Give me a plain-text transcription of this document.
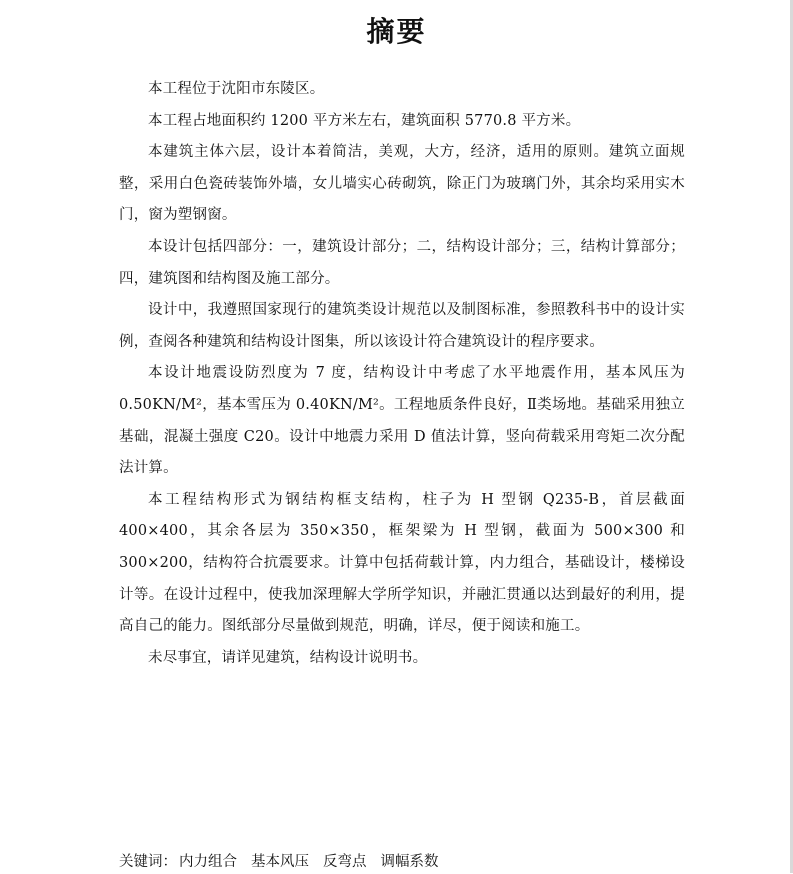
摘要

本工程位于沈阳市东陵区。

本工程占地面积约 1200 平方米左右，建筑面积 5770.8 平方米。

本建筑主体六层，设计本着简洁，美观，大方，经济，适用的原则。建筑立面规整，采用白色瓷砖装饰外墙，女儿墙实心砖砌筑，除正门为玻璃门外，其余均采用实木门，窗为塑钢窗。

本设计包括四部分：一，建筑设计部分；二，结构设计部分；三，结构计算部分；四，建筑图和结构图及施工部分。

设计中，我遵照国家现行的建筑类设计规范以及制图标准，参照教科书中的设计实例，查阅各种建筑和结构设计图集，所以该设计符合建筑设计的程序要求。

本设计地震设防烈度为 7 度，结构设计中考虑了水平地震作用，基本风压为 0.50KN/M²，基本雪压为 0.40KN/M²。工程地质条件良好，Ⅱ类场地。基础采用独立基础，混凝土强度 C20。设计中地震力采用 D 值法计算，竖向荷载采用弯矩二次分配法计算。

本工程结构形式为钢结构框支结构，柱子为 H 型钢 Q235-B，首层截面 400×400，其余各层为 350×350，框架梁为 H 型钢，截面为 500×300 和 300×200，结构符合抗震要求。计算中包括荷载计算，内力组合，基础设计，楼梯设计等。在设计过程中，使我加深理解大学所学知识，并融汇贯通以达到最好的利用，提高自己的能力。图纸部分尽量做到规范，明确，详尽，便于阅读和施工。

未尽事宜，请详见建筑，结构设计说明书。

关键词： 内力组合 基本风压 反弯点 调幅系数
